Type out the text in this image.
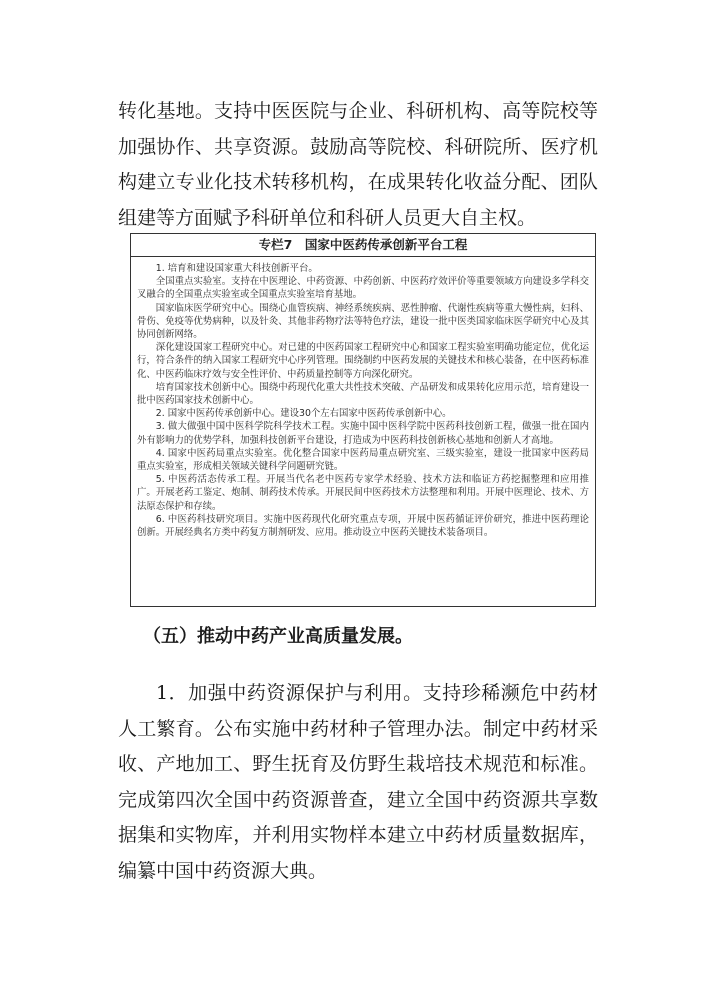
转化基地。支持中医医院与企业、科研机构、高等院校等加强协作、共享资源。鼓励高等院校、科研院所、医疗机构建立专业化技术转移机构，在成果转化收益分配、团队组建等方面赋予科研单位和科研人员更大自主权。

专栏7　国家中医药传承创新平台工程

1. 培育和建设国家重大科技创新平台。

全国重点实验室。支持在中医理论、中药资源、中药创新、中医药疗效评价等重要领域方向建设多学科交叉融合的全国重点实验室或全国重点实验室培育基地。

国家临床医学研究中心。围绕心血管疾病、神经系统疾病、恶性肿瘤、代谢性疾病等重大慢性病，妇科、骨伤、免疫等优势病种，以及针灸、其他非药物疗法等特色疗法，建设一批中医类国家临床医学研究中心及其协同创新网络。

深化建设国家工程研究中心。对已建的中医药国家工程研究中心和国家工程实验室明确功能定位，优化运行，符合条件的纳入国家工程研究中心序列管理。围绕制约中医药发展的关键技术和核心装备，在中医药标准化、中医药临床疗效与安全性评价、中药质量控制等方向深化研究。

培育国家技术创新中心。围绕中药现代化重大共性技术突破、产品研发和成果转化应用示范，培育建设一批中医药国家技术创新中心。

2. 国家中医药传承创新中心。建设30个左右国家中医药传承创新中心。

3. 做大做强中国中医科学院科学技术工程。实施中国中医科学院中医药科技创新工程，做强一批在国内外有影响力的优势学科，加强科技创新平台建设，打造成为中医药科技创新核心基地和创新人才高地。

4. 国家中医药局重点实验室。优化整合国家中医药局重点研究室、三级实验室，建设一批国家中医药局重点实验室，形成相关领域关键科学问题研究链。

5. 中医药活态传承工程。开展当代名老中医药专家学术经验、技术方法和临证方药挖掘整理和应用推广。开展老药工鉴定、炮制、制药技术传承。开展民间中医药技术方法整理和利用。开展中医理论、技术、方法原态保护和存续。

6. 中医药科技研究项目。实施中医药现代化研究重点专项，开展中医药循证评价研究，推进中医药理论创新。开展经典名方类中药复方制剂研发、应用。推动设立中医药关键技术装备项目。

（五）推动中药产业高质量发展。

1．加强中药资源保护与利用。支持珍稀濒危中药材人工繁育。公布实施中药材种子管理办法。制定中药材采收、产地加工、野生抚育及仿野生栽培技术规范和标准。完成第四次全国中药资源普查，建立全国中药资源共享数据集和实物库，并利用实物样本建立中药材质量数据库，编纂中国中药资源大典。
